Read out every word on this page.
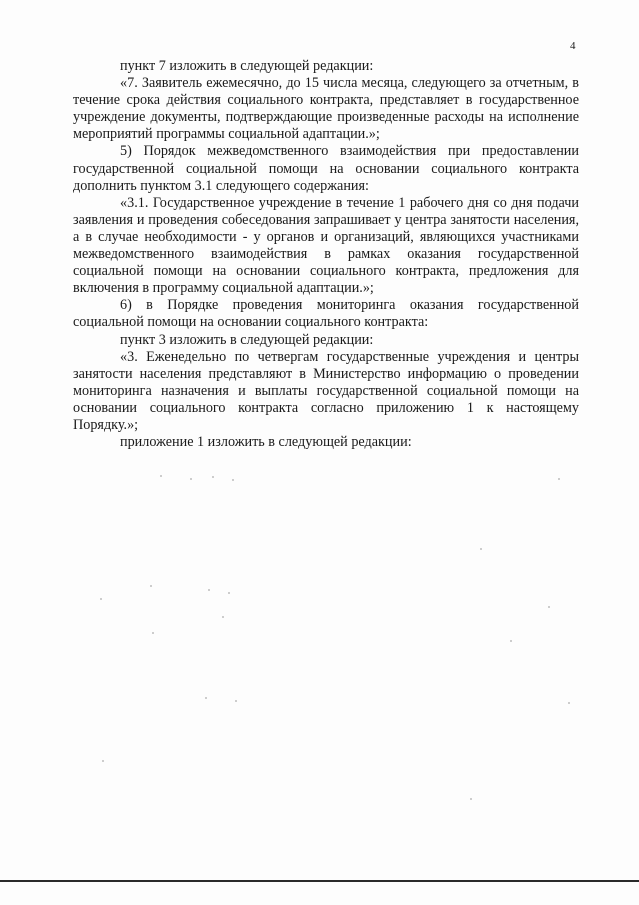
4

пункт 7 изложить в следующей редакции:

«7. Заявитель ежемесячно, до 15 числа месяца, следующего за отчетным, в течение срока действия социального контракта, представляет в государственное учреждение документы, подтверждающие произведенные расходы на исполнение мероприятий программы социальной адаптации.»;

5) Порядок межведомственного взаимодействия при предоставлении государственной социальной помощи на основании социального контракта дополнить пунктом 3.1 следующего содержания:

«3.1. Государственное учреждение в течение 1 рабочего дня со дня подачи заявления и проведения собеседования запрашивает у центра занятости населения, а в случае необходимости - у органов и организаций, являющихся участниками межведомственного взаимодействия в рамках оказания государственной социальной помощи на основании социального контракта, предложения для включения в программу социальной адаптации.»;

6) в Порядке проведения мониторинга оказания государственной социальной помощи на основании социального контракта:

пункт 3 изложить в следующей редакции:

«3. Еженедельно по четвергам государственные учреждения и центры занятости населения представляют в Министерство информацию о проведении мониторинга назначения и выплаты государственной социальной помощи на основании социального контракта согласно приложению 1 к настоящему Порядку.»;

приложение 1 изложить в следующей редакции:
